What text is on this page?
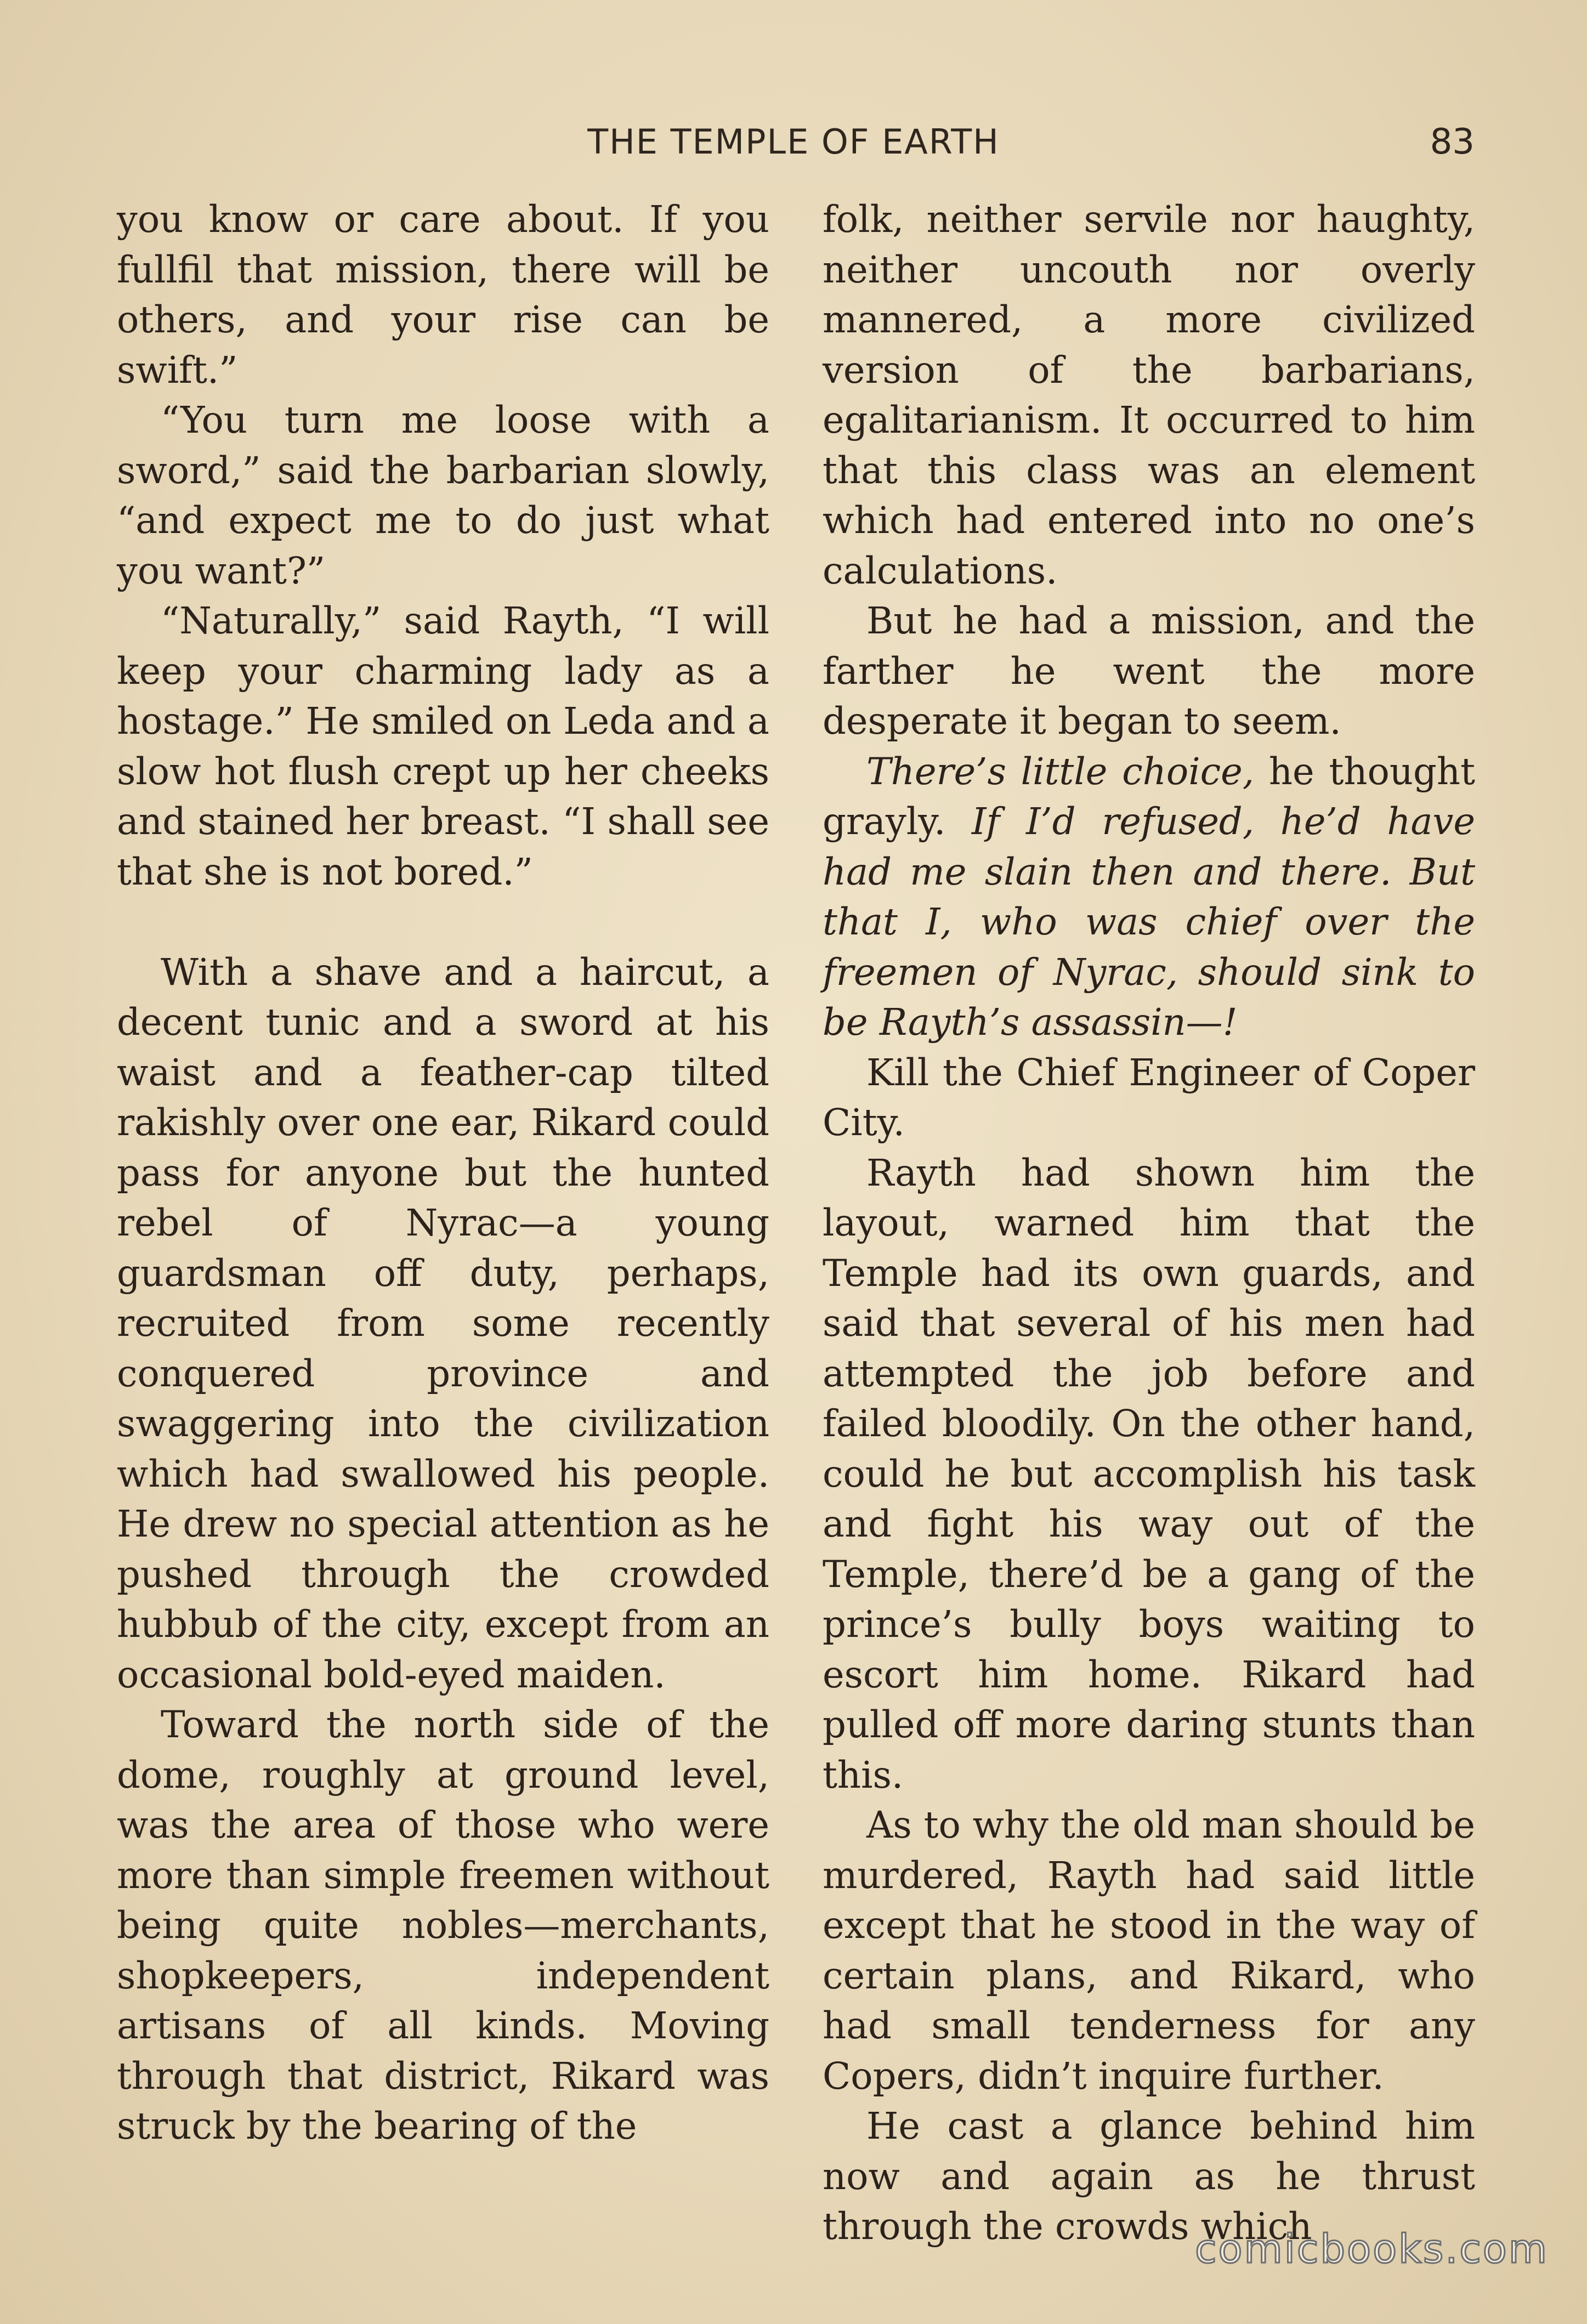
THE TEMPLE OF EARTH	83

you know or care about. If you fullfil that mission, there will be others, and your rise can be swift.”

“You turn me loose with a sword,” said the barbarian slowly, “and expect me to do just what you want?”

“Naturally,” said Rayth, “I will keep your charming lady as a hostage.” He smiled on Leda and a slow hot flush crept up her cheeks and stained her breast. “I shall see that she is not bored.”

With a shave and a haircut, a decent tunic and a sword at his waist and a feather-cap tilted rakishly over one ear, Rikard could pass for anyone but the hunted rebel of Nyrac—a young guardsman off duty, perhaps, recruited from some recently conquered province and swaggering into the civilization which had swallowed his people. He drew no special attention as he pushed through the crowded hubbub of the city, except from an occasional bold-eyed maiden.

Toward the north side of the dome, roughly at ground level, was the area of those who were more than simple freemen without being quite nobles—merchants, shopkeepers, independent artisans of all kinds. Moving through that district, Rikard was struck by the bearing of the

folk, neither servile nor haughty, neither uncouth nor overly mannered, a more civilized version of the barbarians, egalitarianism. It occurred to him that this class was an element which had entered into no one’s calculations.

But he had a mission, and the farther he went the more desperate it began to seem.

There’s little choice, he thought grayly. If I’d refused, he’d have had me slain then and there. But that I, who was chief over the freemen of Nyrac, should sink to be Rayth’s assassin—!

Kill the Chief Engineer of Coper City.

Rayth had shown him the layout, warned him that the Temple had its own guards, and said that several of his men had attempted the job before and failed bloodily. On the other hand, could he but accomplish his task and fight his way out of the Temple, there’d be a gang of the prince’s bully boys waiting to escort him home. Rikard had pulled off more daring stunts than this.

As to why the old man should be murdered, Rayth had said little except that he stood in the way of certain plans, and Rikard, who had small tenderness for any Copers, didn’t inquire further.

He cast a glance behind him now and again as he thrust through the crowds which

comicbooks.com
